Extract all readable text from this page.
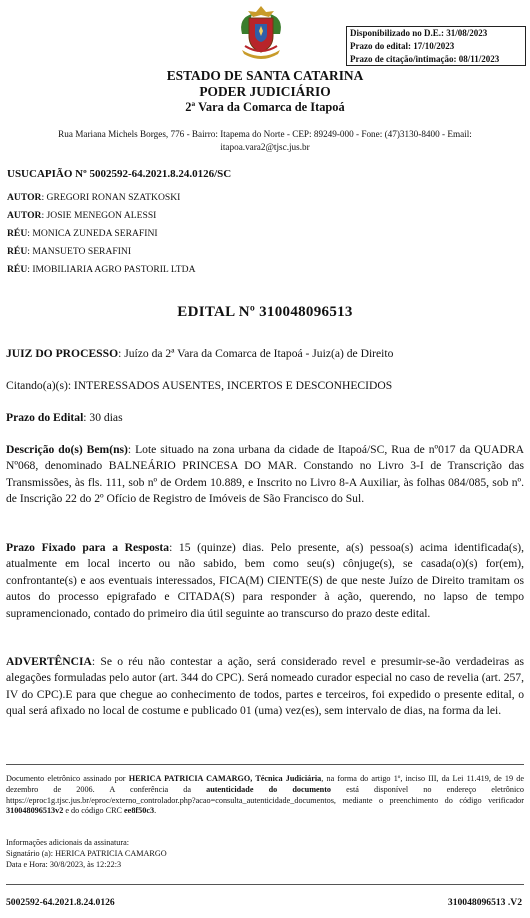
Disponibilizado no D.E.: 31/08/2023
Prazo do edital: 17/10/2023
Prazo de citação/intimação: 08/11/2023
ESTADO DE SANTA CATARINA
PODER JUDICIÁRIO
2ª Vara da Comarca de Itapoá
Rua Mariana Michels Borges, 776 - Bairro: Itapema do Norte - CEP: 89249-000 - Fone: (47)3130-8400 - Email:
itapoa.vara2@tjsc.jus.br
USUCAPIÃO Nº 5002592-64.2021.8.24.0126/SC
AUTOR: GREGORI RONAN SZATKOSKI
AUTOR: JOSIE MENEGON ALESSI
RÉU: MONICA ZUNEDA SERAFINI
RÉU: MANSUETO SERAFINI
RÉU: IMOBILIARIA AGRO PASTORIL LTDA
EDITAL Nº 310048096513
JUIZ DO PROCESSO: Juízo da 2ª Vara da Comarca de Itapoá - Juiz(a) de Direito
Citando(a)(s): INTERESSADOS AUSENTES, INCERTOS E DESCONHECIDOS
Prazo do Edital: 30 dias
Descrição do(s) Bem(ns): Lote situado na zona urbana da cidade de Itapoá/SC, Rua de nº017 da QUADRA Nº068, denominado BALNEÁRIO PRINCESA DO MAR. Constando no Livro 3-I de Transcrição das Transmissões, às fls. 111, sob nº de Ordem 10.889, e Inscrito no Livro 8-A Auxiliar, às folhas 084/085, sob nº. de Inscrição 22 do 2º Ofício de Registro de Imóveis de São Francisco do Sul.
Prazo Fixado para a Resposta: 15 (quinze) dias. Pelo presente, a(s) pessoa(s) acima identificada(s), atualmente em local incerto ou não sabido, bem como seu(s) cônjuge(s), se casada(o)(s) for(em), confrontante(s) e aos eventuais interessados, FICA(M) CIENTE(S) de que neste Juízo de Direito tramitam os autos do processo epigrafado e CITADA(S) para responder à ação, querendo, no lapso de tempo supramencionado, contado do primeiro dia útil seguinte ao transcurso do prazo deste edital.
ADVERTÊNCIA: Se o réu não contestar a ação, será considerado revel e presumir-se-ão verdadeiras as alegações formuladas pelo autor (art. 344 do CPC). Será nomeado curador especial no caso de revelia (art. 257, IV do CPC).E para que chegue ao conhecimento de todos, partes e terceiros, foi expedido o presente edital, o qual será afixado no local de costume e publicado 01 (uma) vez(es), sem intervalo de dias, na forma da lei.
Documento eletrônico assinado por HERICA PATRICIA CAMARGO, Técnica Judiciária, na forma do artigo 1º, inciso III, da Lei 11.419, de 19 de dezembro de 2006. A conferência da autenticidade do documento está disponível no endereço eletrônico https://eproc1g.tjsc.jus.br/eproc/externo_controlador.php?acao=consulta_autenticidade_documentos, mediante o preenchimento do código verificador 310048096513v2 e do código CRC ee8f50c3.
Informações adicionais da assinatura:
Signatário (a): HERICA PATRICIA CAMARGO
Data e Hora: 30/8/2023, às 12:22:3
5002592-64.2021.8.24.0126	310048096513 .V2
